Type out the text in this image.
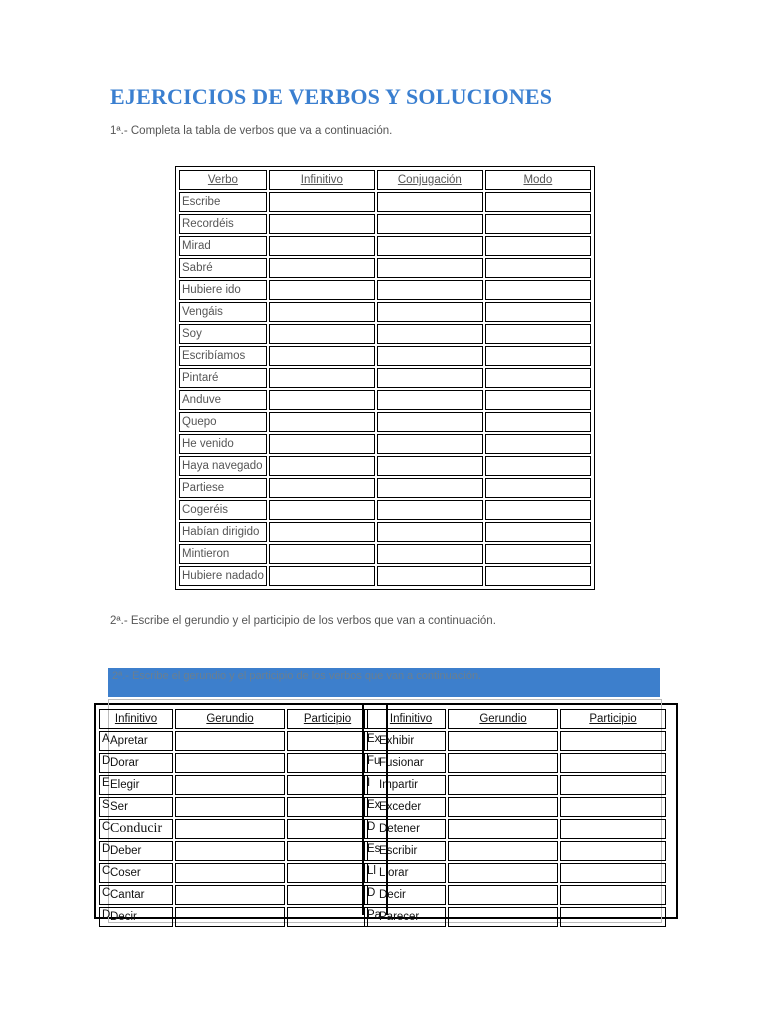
EJERCICIOS DE VERBOS Y SOLUCIONES
1ª.- Completa la tabla de verbos que va a continuación.
Verbo	Infinitivo	Conjugación	Modo
Escribe			
Recordéis			
Mirad			
Sabré			
Hubiere ido			
Vengáis			
Soy			
Escribíamos			
Pintaré			
Anduve			
Quepo			
He venido			
Haya navegado			
Partiese			
Cogeréis			
Habían dirigido			
Mintieron			
Hubiere nadado			
2ª.- Escribe el gerundio y el participio de los verbos que van a continuación.
2ª.- Escribe el gerundio y el participio de los verbos que van a continuación.
Infinitivo	Gerundio	Participio

A Apretar		

D Dorar		

E Elegir		

S Ser		

C Conducir		

D Deber		

C Coser		

C Cantar		

D Decir		
Infinitivo	Gerundio	Participio

Ex
Exhibir		

Fu
Fusionar		

I Impartir		

Ex
Exceder		

D Detener		

Es
Escribir		

Ll Llorar		

D Decir		

Pa
Parecer		
